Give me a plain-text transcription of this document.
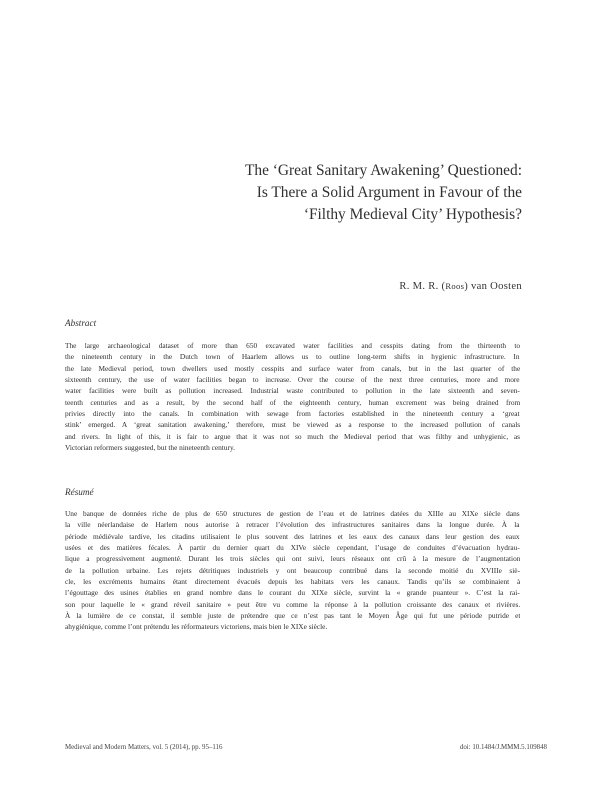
The ‘Great Sanitary Awakening’ Questioned:
Is There a Solid Argument in Favour of the
‘Filthy Medieval City’ Hypothesis?
R. M. R. (Roos) van Oosten
Abstract
The large archaeological dataset of more than 650 excavated water facilities and cesspits dating from the thirteenth to
the nineteenth century in the Dutch town of Haarlem allows us to outline long-term shifts in hygienic infrastructure. In
the late Medieval period, town dwellers used mostly cesspits and surface water from canals, but in the last quarter of the
sixteenth century, the use of water facilities began to increase. Over the course of the next three centuries, more and more
water facilities were built as pollution increased. Industrial waste contributed to pollution in the late sixteenth and seven-
teenth centuries and as a result, by the second half of the eighteenth century, human excrement was being drained from
privies directly into the canals. In combination with sewage from factories established in the nineteenth century a ‘great
stink’ emerged. A ‘great sanitation awakening,’ therefore, must be viewed as a response to the increased pollution of canals
and rivers. In light of this, it is fair to argue that it was not so much the Medieval period that was filthy and unhygienic, as
Victorian reformers suggested, but the nineteenth century.
Résumé
Une banque de données riche de plus de 650 structures de gestion de l’eau et de latrines datées du XIIIe au XIXe siècle dans
la ville néerlandaise de Harlem nous autorise à retracer l’évolution des infrastructures sanitaires dans la longue durée. À la
période médiévale tardive, les citadins utilisaient le plus souvent des latrines et les eaux des canaux dans leur gestion des eaux
usées et des matières fécales. À partir du dernier quart du XIVe siècle cependant, l’usage de conduites d’évacuation hydrau-
lique a progressivement augmenté. Durant les trois siècles qui ont suivi, leurs réseaux ont crû à la mesure de l’augmentation
de la pollution urbaine. Les rejets détritiques industriels y ont beaucoup contribué dans la seconde moitié du XVIIIe siè-
cle, les excréments humains étant directement évacués depuis les habitats vers les canaux. Tandis qu’ils se combinaient à
l’égouttage des usines établies en grand nombre dans le courant du XIXe siècle, survint la « grande puanteur ». C’est la rai-
son pour laquelle le « grand réveil sanitaire » peut être vu comme la réponse à la pollution croissante des canaux et rivières.
À la lumière de ce constat, il semble juste de prétendre que ce n’est pas tant le Moyen Âge qui fut une période putride et
ahygiénique, comme l’ont prétendu les réformateurs victoriens, mais bien le XIXe siècle.
Medieval and Modern Matters, vol. 5 (2014), pp. 95–116	doi: 10.1484/J.MMM.5.109848
